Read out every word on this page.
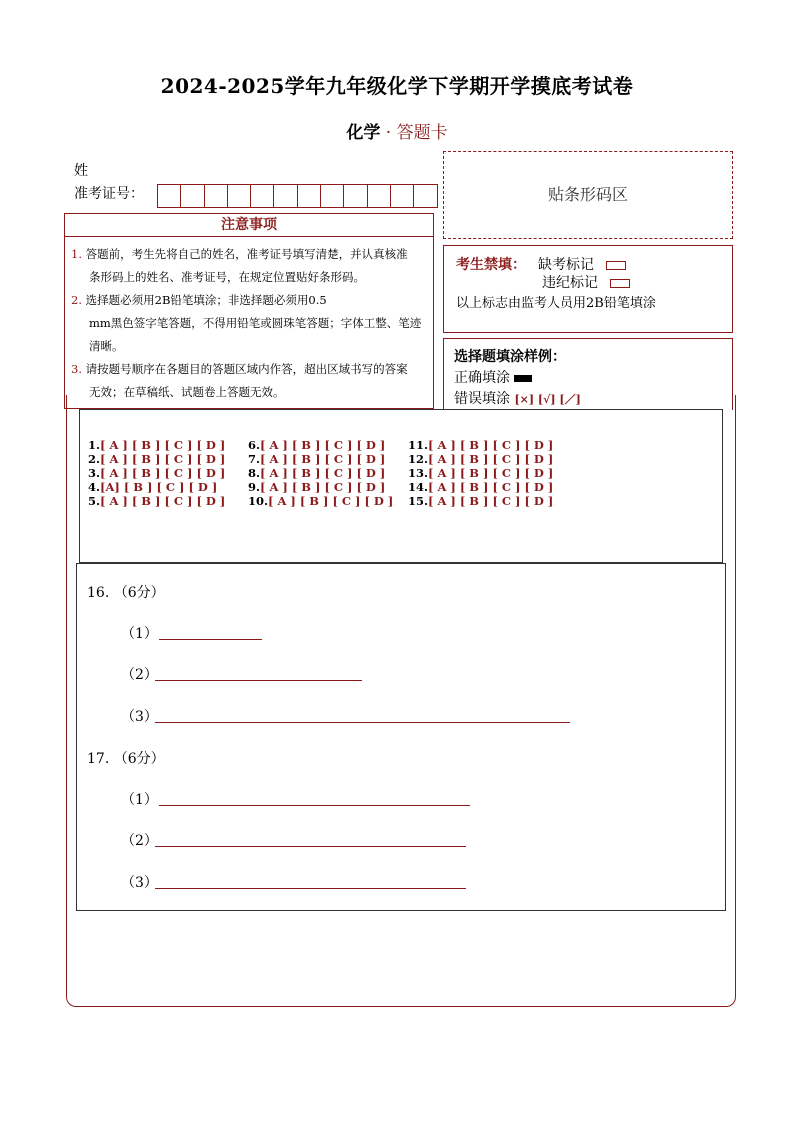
2024-2025学年九年级化学下学期开学摸底考试卷
化学 · 答题卡
姓
准考证号：	贴条形码区
注意事项

1. 答题前，考生先将自己的姓名，准考证号填写清楚，并认真核准

条形码上的姓名、准考证号，在规定位置贴好条形码。

2. 选择题必须用2B铅笔填涂；非选择题必须用0.5

mm黑色签字笔答题，不得用铅笔或圆珠笔答题；字体工整、笔迹

清晰。

3. 请按题号顺序在各题目的答题区域内作答，超出区域书写的答案

无效；在草稿纸、试题卷上答题无效。

考生禁填： 缺考标记
违纪标记
以上标志由监考人员用2B铅笔填涂
选择题填涂样例：
正确填涂
错误填涂 [×] [√] [／]
1.[ A ] [ B ] [ C ] [ D ]
2.[ A ] [ B ] [ C ] [ D ]
3.[ A ] [ B ] [ C ] [ D ]
4.[A] [ B ] [ C ] [ D ]
5.[ A ] [ B ] [ C ] [ D ]
6.[ A ] [ B ] [ C ] [ D ]
7.[ A ] [ B ] [ C ] [ D ]
8.[ A ] [ B ] [ C ] [ D ]
9.[ A ] [ B ] [ C ] [ D ]
10.[ A ] [ B ] [ C ] [ D ]
11.[ A ] [ B ] [ C ] [ D ]
12.[ A ] [ B ] [ C ] [ D ]
13.[ A ] [ B ] [ C ] [ D ]
14.[ A ] [ B ] [ C ] [ D ]
15.[ A ] [ B ] [ C ] [ D ]
16. （6分）
（1）
（2）
（3）
17. （6分）
（1）
（2）
（3）
